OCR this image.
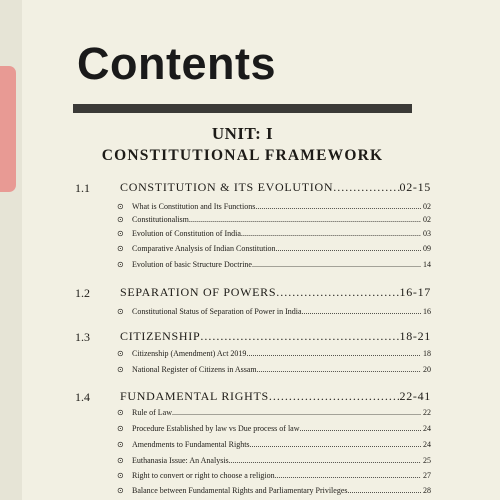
Contents
UNIT: I
CONSTITUTIONAL FRAMEWORK
1.1	CONSTITUTION & ITS EVOLUTION .....	02-15
⊙	What is Constitution and Its Functions .....	02
⊙	Constitutionalism .....	02
⊙	Evolution of Constitution of India .....	03
⊙	Comparative Analysis of Indian Constitution .....	09
⊙	Evolution of basic Structure Doctrine .....	14
1.2	SEPARATION OF POWERS .....	16-17
⊙	Constitutional Status of Separation of Power in India .....	16
1.3	CITIZENSHIP .....	18-21
⊙	Citizenship (Amendment) Act 2019 .....	18
⊙	National Register of Citizens in Assam .....	20
1.4	FUNDAMENTAL RIGHTS .....	22-41
⊙	Rule of Law .....	22
⊙	Procedure Established by law vs Due process of law .....	24
⊙	Amendments to Fundamental Rights .....	24
⊙	Euthanasia Issue: An Analysis .....	25
⊙	Right to convert or right to choose a religion .....	27
⊙	Balance between Fundamental Rights and Parliamentary Privileges .....	28
